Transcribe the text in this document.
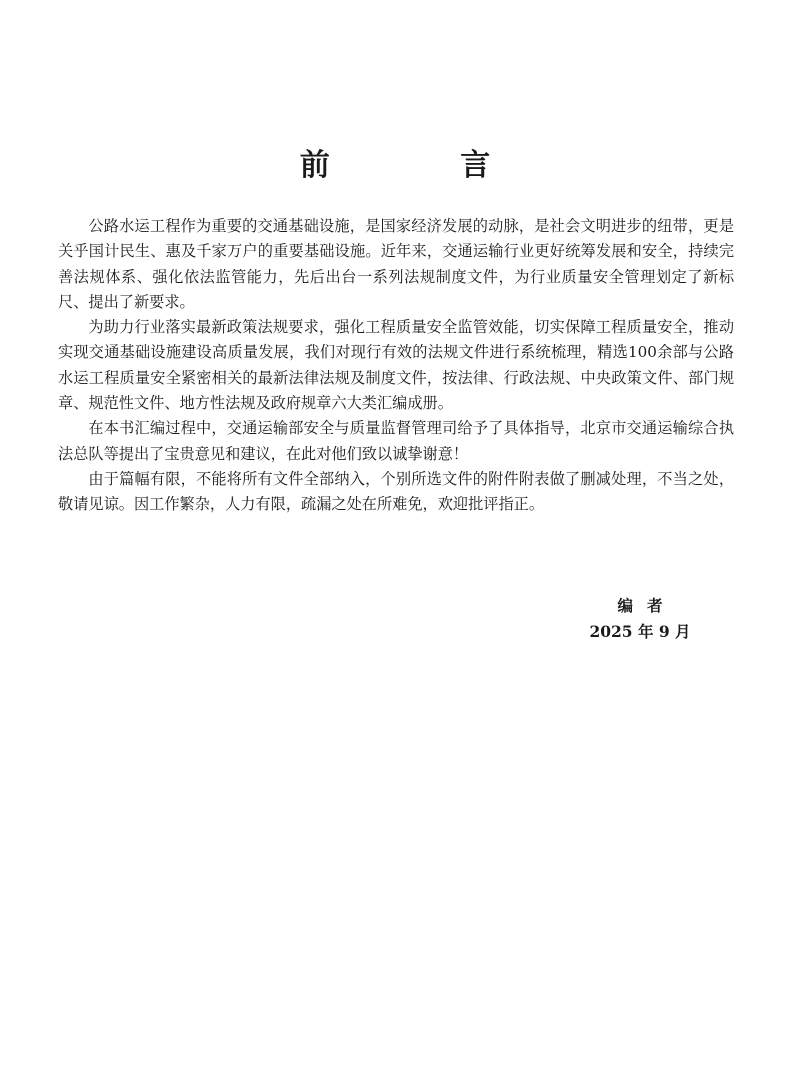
前 言

公路水运工程作为重要的交通基础设施，是国家经济发展的动脉，是社会文明进步的纽带，更是关乎国计民生、惠及千家万户的重要基础设施。近年来，交通运输行业更好统筹发展和安全，持续完善法规体系、强化依法监管能力，先后出台一系列法规制度文件，为行业质量安全管理划定了新标尺、提出了新要求。

为助力行业落实最新政策法规要求，强化工程质量安全监管效能，切实保障工程质量安全，推动实现交通基础设施建设高质量发展，我们对现行有效的法规文件进行系统梳理，精选100余部与公路水运工程质量安全紧密相关的最新法律法规及制度文件，按法律、行政法规、中央政策文件、部门规章、规范性文件、地方性法规及政府规章六大类汇编成册。

在本书汇编过程中，交通运输部安全与质量监督管理司给予了具体指导，北京市交通运输综合执法总队等提出了宝贵意见和建议，在此对他们致以诚挚谢意！

由于篇幅有限，不能将所有文件全部纳入，个别所选文件的附件附表做了删减处理，不当之处，敬请见谅。因工作繁杂，人力有限，疏漏之处在所难免，欢迎批评指正。

编者
2025 年 9 月
